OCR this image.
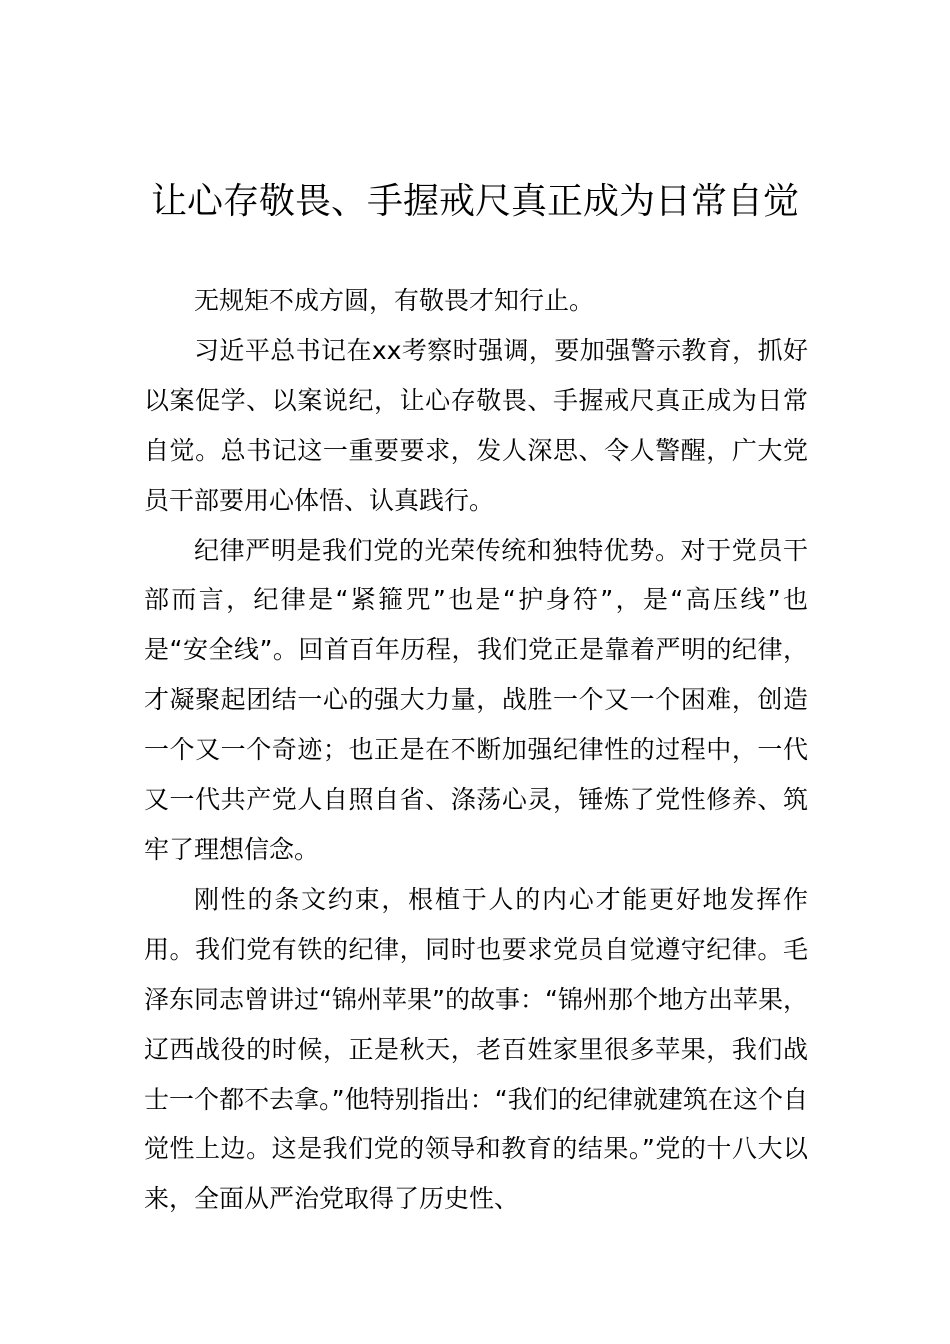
让心存敬畏、手握戒尺真正成为日常自觉

无规矩不成方圆，有敬畏才知行止。

习近平总书记在xx考察时强调，要加强警示教育，抓好以案促学、以案说纪，让心存敬畏、手握戒尺真正成为日常自觉。总书记这一重要要求，发人深思、令人警醒，广大党员干部要用心体悟、认真践行。

纪律严明是我们党的光荣传统和独特优势。对于党员干部而言，纪律是“紧箍咒”也是“护身符”，是“高压线”也是“安全线”。回首百年历程，我们党正是靠着严明的纪律，才凝聚起团结一心的强大力量，战胜一个又一个困难，创造一个又一个奇迹；也正是在不断加强纪律性的过程中，一代又一代共产党人自照自省、涤荡心灵，锤炼了党性修养、筑牢了理想信念。

刚性的条文约束，根植于人的内心才能更好地发挥作用。我们党有铁的纪律，同时也要求党员自觉遵守纪律。毛泽东同志曾讲过“锦州苹果”的故事：“锦州那个地方出苹果，辽西战役的时候，正是秋天，老百姓家里很多苹果，我们战士一个都不去拿。”他特别指出：“我们的纪律就建筑在这个自觉性上边。这是我们党的领导和教育的结果。”党的十八大以来，全面从严治党取得了历史性、
